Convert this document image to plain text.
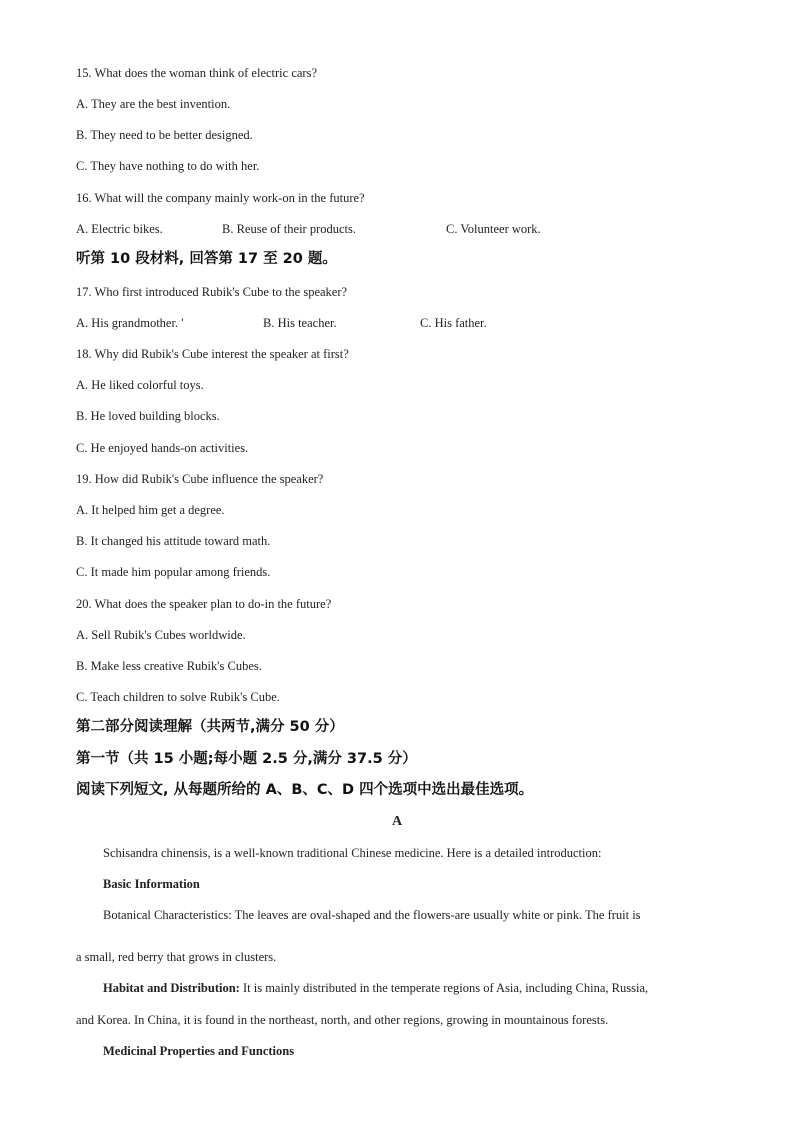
15. What does the woman think of electric cars?
A. They are the best invention.
B. They need to be better designed.
C. They have nothing to do with her.
16. What will the company mainly work-on in the future?
A. Electric bikes.	B. Reuse of their products.	C. Volunteer work.
听第 10 段材料, 回答第 17 至 20 题。
17. Who first introduced Rubik's Cube to the speaker?
A. His grandmother. '	B. His teacher.	C. His father.
18. Why did Rubik's Cube interest the speaker at first?
A. He liked colorful toys.
B. He loved building blocks.
C. He enjoyed hands-on activities.
19. How did Rubik's Cube influence the speaker?
A. It helped him get a degree.
B. It changed his attitude toward math.
C. It made him popular among friends.
20. What does the speaker plan to do-in the future?
A. Sell Rubik's Cubes worldwide.
B. Make less creative Rubik's Cubes.
C. Teach children to solve Rubik's Cube.
第二部分阅读理解（共两节,满分 50 分）
第一节（共 15 小题;每小题 2.5 分,满分 37.5 分）
阅读下列短文, 从每题所给的 A、B、C、D 四个选项中选出最佳选项。
A
Schisandra chinensis, is a well-known traditional Chinese medicine. Here is a detailed introduction:
Basic Information
Botanical Characteristics: The leaves are oval-shaped and the flowers-are usually white or pink. The fruit is
a small, red berry that grows in clusters.
Habitat and Distribution: It is mainly distributed in the temperate regions of Asia, including China, Russia,
and Korea. In China, it is found in the northeast, north, and other regions, growing in mountainous forests.
Medicinal Properties and Functions
